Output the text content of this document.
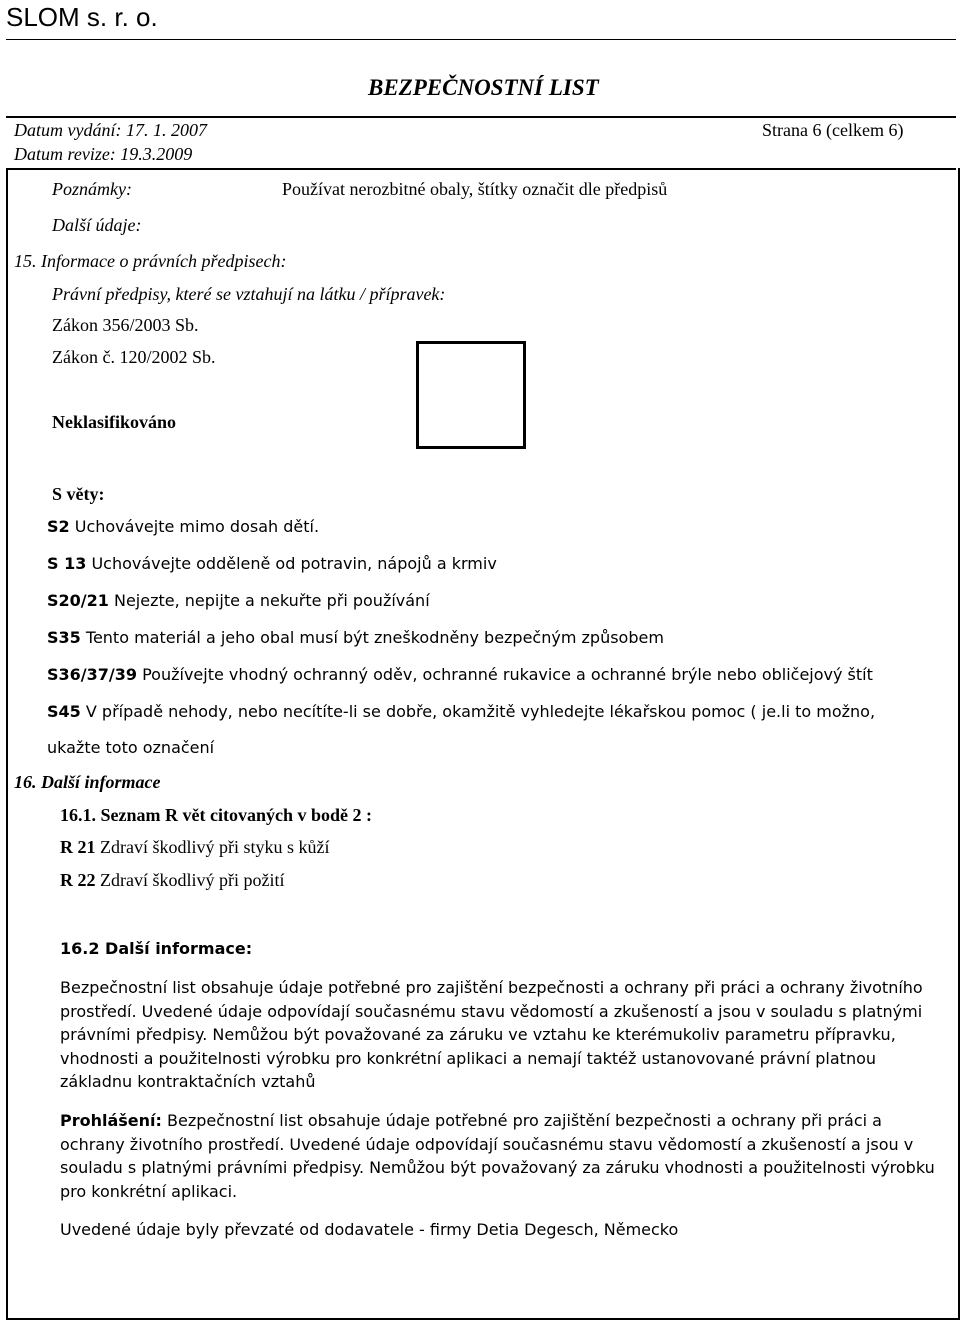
SLOM s. r. o.
BEZPEČNOSTNÍ LIST
Datum vydání: 17. 1. 2007
Datum revize: 19.3.2009
Strana 6 (celkem 6)
Poznámky:	Používat nerozbitné obaly, štítky označit dle předpisů
Další údaje:
15. Informace o právních předpisech:
Právní předpisy, které se vztahují na látku / přípravek:
Zákon 356/2003 Sb.
Zákon č. 120/2002 Sb.
Neklasifikováno
S věty:
S2 Uchovávejte mimo dosah dětí.
S 13 Uchovávejte odděleně od potravin, nápojů a krmiv
S20/21 Nejezte, nepijte a nekuřte při používání
S35 Tento materiál a jeho obal musí být zneškodněny bezpečným způsobem
S36/37/39 Používejte vhodný ochranný oděv, ochranné rukavice a ochranné brýle nebo obličejový štít
S45 V případě nehody, nebo necítíte-li se dobře, okamžitě vyhledejte lékařskou pomoc ( je.li to možno,
ukažte toto označení
16. Další informace
16.1. Seznam R vět citovaných v bodě 2 :
R 21 Zdraví škodlivý při styku s kůží
R 22 Zdraví škodlivý při požití
16.2 Další informace:
Bezpečnostní list obsahuje údaje potřebné pro zajištění bezpečnosti a ochrany při práci a ochrany životního prostředí. Uvedené údaje odpovídají současnému stavu vědomostí a zkušeností a jsou v souladu s platnými právními předpisy. Nemůžou být považované za záruku ve vztahu ke kterémukoliv parametru přípravku, vhodnosti a použitelnosti výrobku pro konkrétní aplikaci a nemají taktéž ustanovované právní platnou základnu kontraktačních vztahů
Prohlášení: Bezpečnostní list obsahuje údaje potřebné pro zajištění bezpečnosti a ochrany při práci a ochrany životního prostředí. Uvedené údaje odpovídají současnému stavu vědomostí a zkušeností a jsou v souladu s platnými právními předpisy. Nemůžou být považovaný za záruku vhodnosti a použitelnosti výrobku pro konkrétní aplikaci.
Uvedené údaje byly převzaté od dodavatele - firmy Detia Degesch, Německo
